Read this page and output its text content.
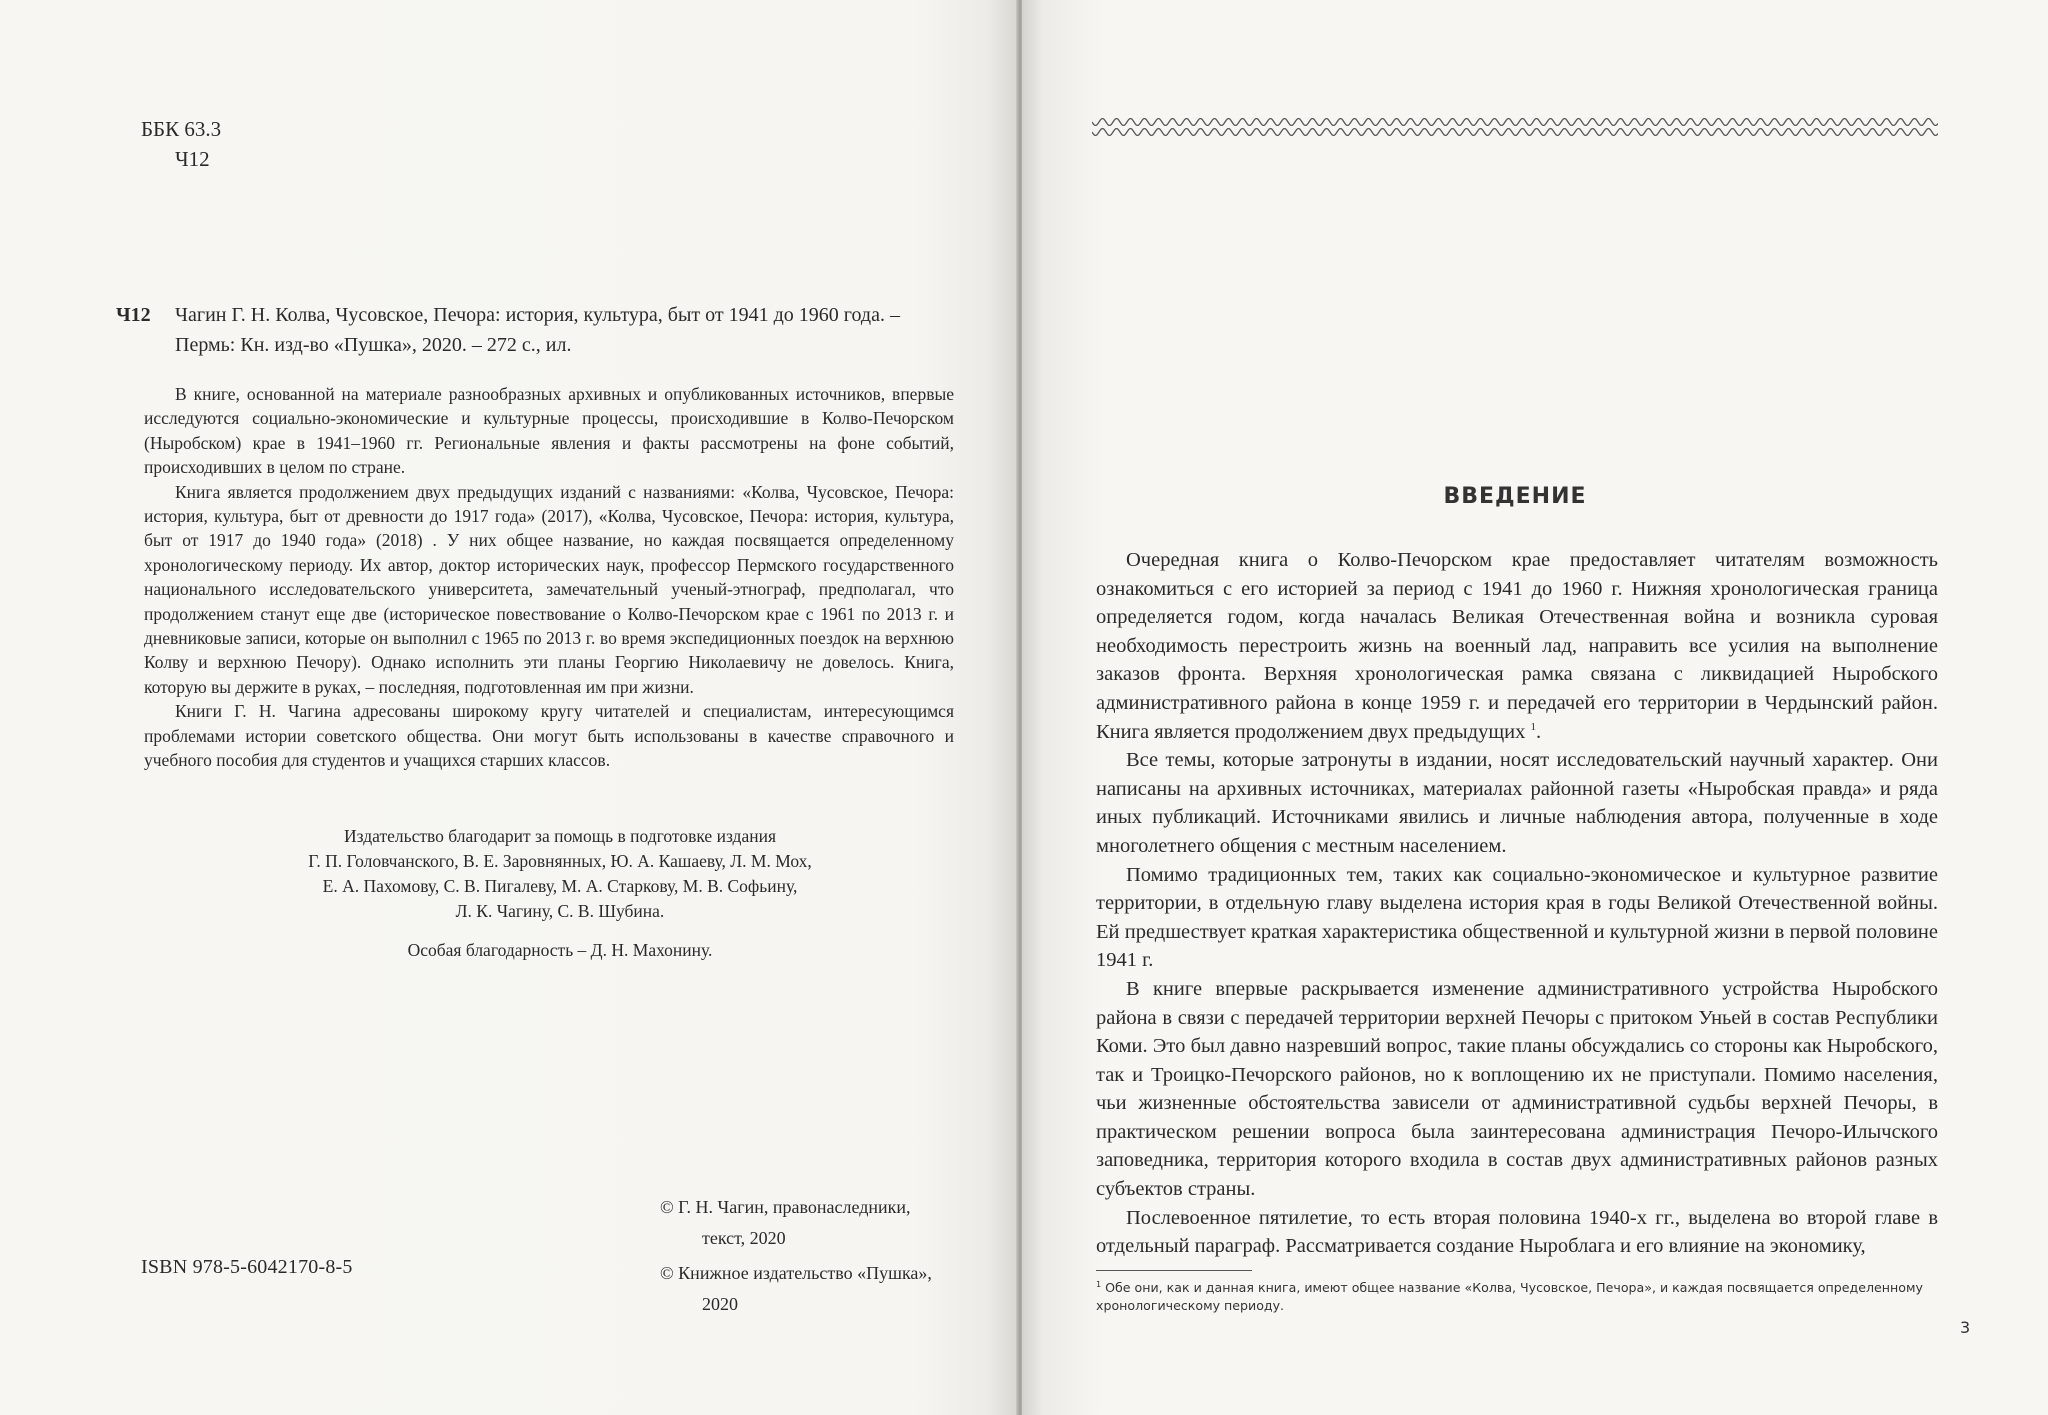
ББК 63.3
Ч12
Ч12 Чагин Г. Н. Колва, Чусовское, Печора: история, культура, быт от 1941 до 1960 года. –
Пермь: Кн. изд-во «Пушка», 2020. – 272 с., ил.

В книге, основанной на материале разнообразных архивных и опубликованных источников, впервые исследуются социально-экономические и культурные процессы, происходившие в Колво-Печорском (Ныробском) крае в 1941–1960 гг. Региональные явления и факты рассмотрены на фоне событий, происходивших в целом по стране.

Книга является продолжением двух предыдущих изданий с названиями: «Колва, Чусовское, Печора: история, культура, быт от древности до 1917 года» (2017), «Колва, Чусовское, Печора: история, культура, быт от 1917 до 1940 года» (2018) . У них общее название, но каждая посвящается определенному хронологическому периоду. Их автор, доктор исторических наук, профессор Пермского государственного национального исследовательского университета, замечательный ученый-этнограф, предполагал, что продолжением станут еще две (историческое повествование о Колво-Печорском крае с 1961 по 2013 г. и дневниковые записи, которые он выполнил с 1965 по 2013 г. во время экспедиционных поездок на верхнюю Колву и верхнюю Печору). Однако исполнить эти планы Георгию Николаевичу не довелось. Книга, которую вы держите в руках, – последняя, подготовленная им при жизни.

Книги Г. Н. Чагина адресованы широкому кругу читателей и специалистам, интересующимся проблемами истории советского общества. Они могут быть использованы в качестве справочного и учебного пособия для студентов и учащихся старших классов.

Издательство благодарит за помощь в подготовке издания

Г. П. Головчанского, В. Е. Заровнянных, Ю. А. Кашаеву, Л. М. Мох,

Е. А. Пахомову, С. В. Пигалеву, М. А. Старкову, М. В. Софьину,

Л. К. Чагину, С. В. Шубина.

Особая благодарность – Д. Н. Махонину.

© Г. Н. Чагин, правонаследники,
текст, 2020

© Книжное издательство «Пушка»,
2020

ISBN 978-5-6042170-8-5
ВВЕДЕНИЕ

Очередная книга о Колво-Печорском крае предоставляет читателям возможность ознакомиться с его историей за период с 1941 до 1960 г. Нижняя хронологическая граница определяется годом, когда началась Великая Отечественная война и возникла суровая необходимость перестроить жизнь на военный лад, направить все усилия на выполнение заказов фронта. Верхняя хронологическая рамка связана с ликвидацией Ныробского административного района в конце 1959 г. и передачей его территории в Чердынский район. Книга является продолжением двух предыдущих $^1$.

Все темы, которые затронуты в издании, носят исследовательский научный характер. Они написаны на архивных источниках, материалах районной газеты «Ныробская правда» и ряда иных публикаций. Источниками явились и личные наблюдения автора, полученные в ходе многолетнего общения с местным населением.

Помимо традиционных тем, таких как социально-экономическое и культурное развитие территории, в отдельную главу выделена история края в годы Великой Отечественной войны. Ей предшествует краткая характеристика общественной и культурной жизни в первой половине 1941 г.

В книге впервые раскрывается изменение административного устройства Ныробского района в связи с передачей территории верхней Печоры с притоком Уньей в состав Республики Коми. Это был давно назревший вопрос, такие планы обсуждались со стороны как Ныробского, так и Троицко-Печорского районов, но к воплощению их не приступали. Помимо населения, чьи жизненные обстоятельства зависели от административной судьбы верхней Печоры, в практическом решении вопроса была заинтересована администрация Печоро-Илычского заповедника, территория которого входила в состав двух административных районов разных субъектов страны.

Послевоенное пятилетие, то есть вторая половина 1940-х гг., выделена во второй главе в отдельный параграф. Рассматривается создание Ныроблага и его влияние на экономику,

$^1$ Обе они, как и данная книга, имеют общее название «Колва, Чусовское, Печора», и каждая посвящается определенному хронологическому периоду.
3
